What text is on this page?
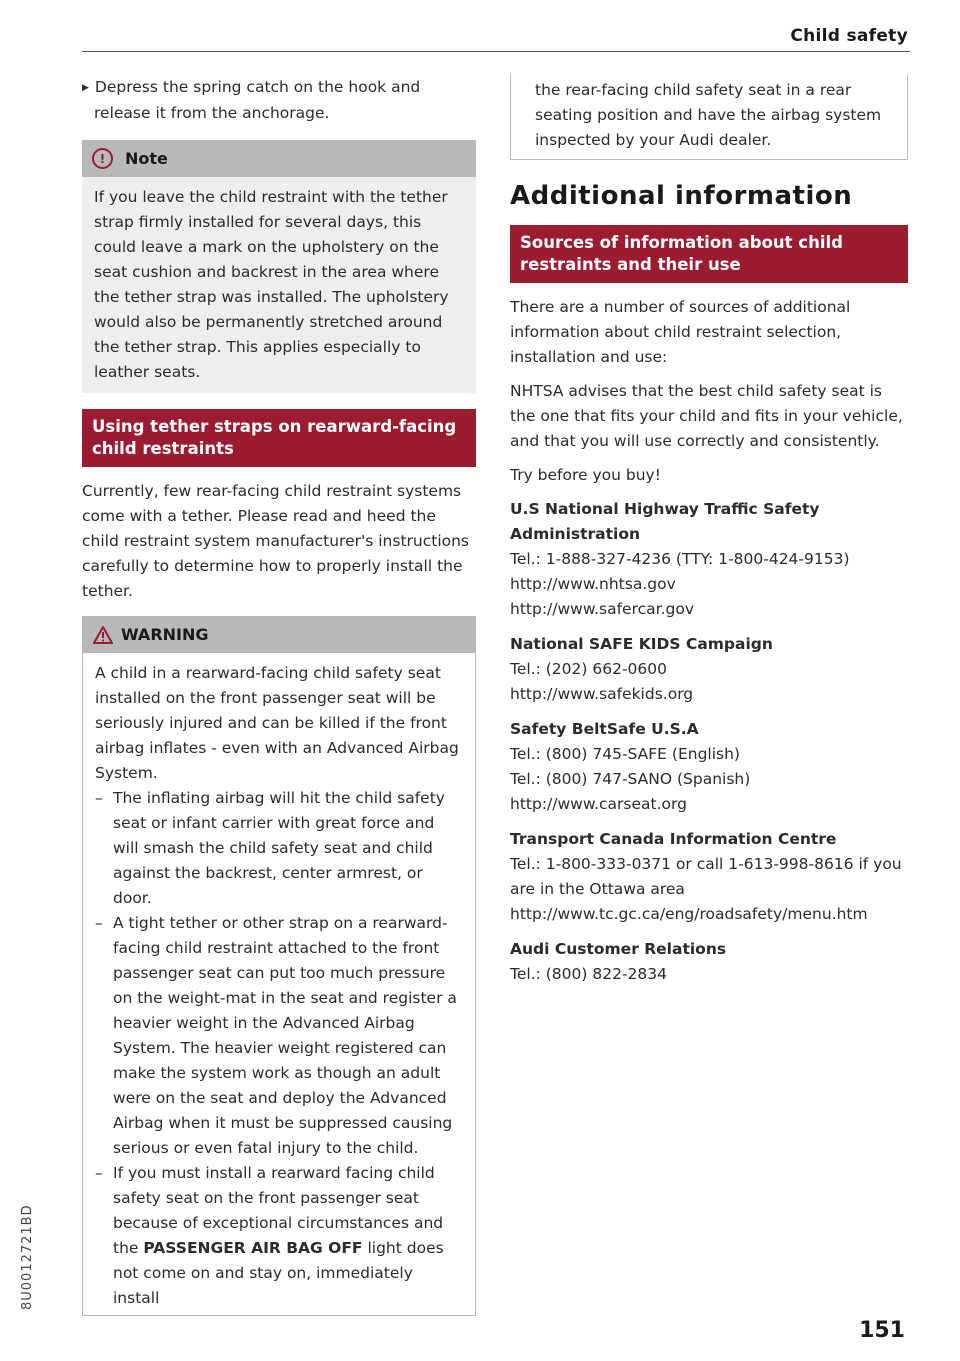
Child safety
8U0012721BD
151

▶ Depress the spring catch on the hook and release it from the anchorage.

!	Note
If you leave the child restraint with the tether strap firmly installed for several days, this could leave a mark on the upholstery on the seat cushion and backrest in the area where the tether strap was installed. The upholstery would also be permanently stretched around the tether strap. This applies especially to leather seats.
Using tether straps on rearward-facing child restraints

Currently, few rear-facing child restraint systems come with a tether. Please read and heed the child restraint system manufacturer's instructions carefully to determine how to properly install the tether.

WARNING

A child in a rearward-facing child safety seat installed on the front passenger seat will be seriously injured and can be killed if the front airbag inflates - even with an Advanced Airbag System.

– The inflating airbag will hit the child safety seat or infant carrier with great force and will smash the child safety seat and child against the backrest, center armrest, or door.
– A tight tether or other strap on a rearward-facing child restraint attached to the front passenger seat can put too much pressure on the weight-mat in the seat and register a heavier weight in the Advanced Airbag System. The heavier weight registered can make the system work as though an adult were on the seat and deploy the Advanced Airbag when it must be suppressed causing serious or even fatal injury to the child.
– If you must install a rearward facing child safety seat on the front passenger seat because of exceptional circumstances and the PASSENGER AIR BAG OFF light does not come on and stay on, immediately install
the rear-facing child safety seat in a rear seating position and have the airbag system inspected by your Audi dealer.
Additional information
Sources of information about child restraints and their use

There are a number of sources of additional information about child restraint selection, installation and use:

NHTSA advises that the best child safety seat is the one that fits your child and fits in your vehicle, and that you will use correctly and consistently.

Try before you buy!

U.S National Highway Traffic Safety Administration
Tel.: 1-888-327-4236 (TTY: 1-800-424-9153)
http://www.nhtsa.gov
http://www.safercar.gov
National SAFE KIDS Campaign
Tel.: (202) 662-0600
http://www.safekids.org
Safety BeltSafe U.S.A
Tel.: (800) 745-SAFE (English)
Tel.: (800) 747-SANO (Spanish)
http://www.carseat.org
Transport Canada Information Centre
Tel.: 1-800-333-0371 or call 1-613-998-8616 if you are in the Ottawa area
http://www.tc.gc.ca/eng/roadsafety/menu.htm
Audi Customer Relations
Tel.: (800) 822-2834
